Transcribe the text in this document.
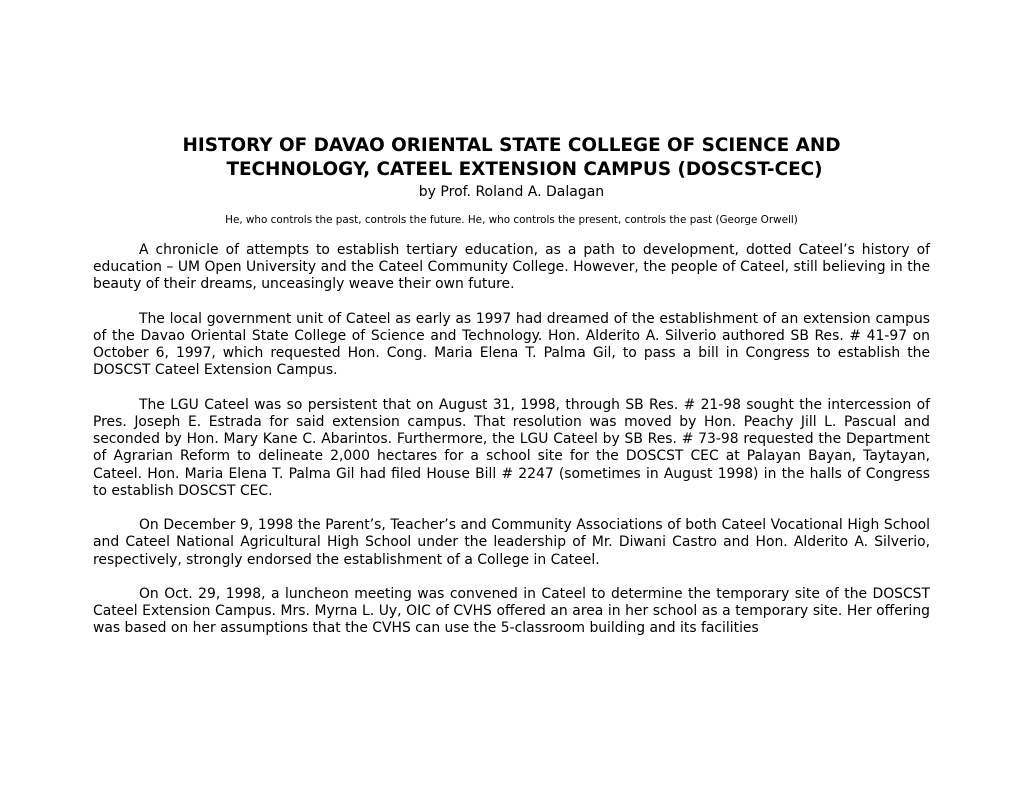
HISTORY OF DAVAO ORIENTAL STATE COLLEGE OF SCIENCE AND
TECHNOLOGY, CATEEL EXTENSION CAMPUS (DOSCST-CEC)

by Prof. Roland A. Dalagan

He, who controls the past, controls the future. He, who controls the present, controls the past (George Orwell)

A chronicle of attempts to establish tertiary education, as a path to development, dotted Cateel’s history of education – UM Open University and the Cateel Community College. However, the people of Cateel, still believing in the beauty of their dreams, unceasingly weave their own future.

The local government unit of Cateel as early as 1997 had dreamed of the establishment of an extension campus of the Davao Oriental State College of Science and Technology. Hon. Alderito A. Silverio authored SB Res. # 41-97 on October 6, 1997, which requested Hon. Cong. Maria Elena T. Palma Gil, to pass a bill in Congress to establish the DOSCST Cateel Extension Campus.

The LGU Cateel was so persistent that on August 31, 1998, through SB Res. # 21-98 sought the intercession of Pres. Joseph E. Estrada for said extension campus. That resolution was moved by Hon. Peachy Jill L. Pascual and seconded by Hon. Mary Kane C. Abarintos. Furthermore, the LGU Cateel by SB Res. # 73-98 requested the Department of Agrarian Reform to delineate 2,000 hectares for a school site for the DOSCST CEC at Palayan Bayan, Taytayan, Cateel. Hon. Maria Elena T. Palma Gil had filed House Bill # 2247 (sometimes in August 1998) in the halls of Congress to establish DOSCST CEC.

On December 9, 1998 the Parent’s, Teacher’s and Community Associations of both Cateel Vocational High School and Cateel National Agricultural High School under the leadership of Mr. Diwani Castro and Hon. Alderito A. Silverio, respectively, strongly endorsed the establishment of a College in Cateel.

On Oct. 29, 1998, a luncheon meeting was convened in Cateel to determine the temporary site of the DOSCST Cateel Extension Campus. Mrs. Myrna L. Uy, OIC of CVHS offered an area in her school as a temporary site. Her offering was based on her assumptions that the CVHS can use the 5-classroom building and its facilities
